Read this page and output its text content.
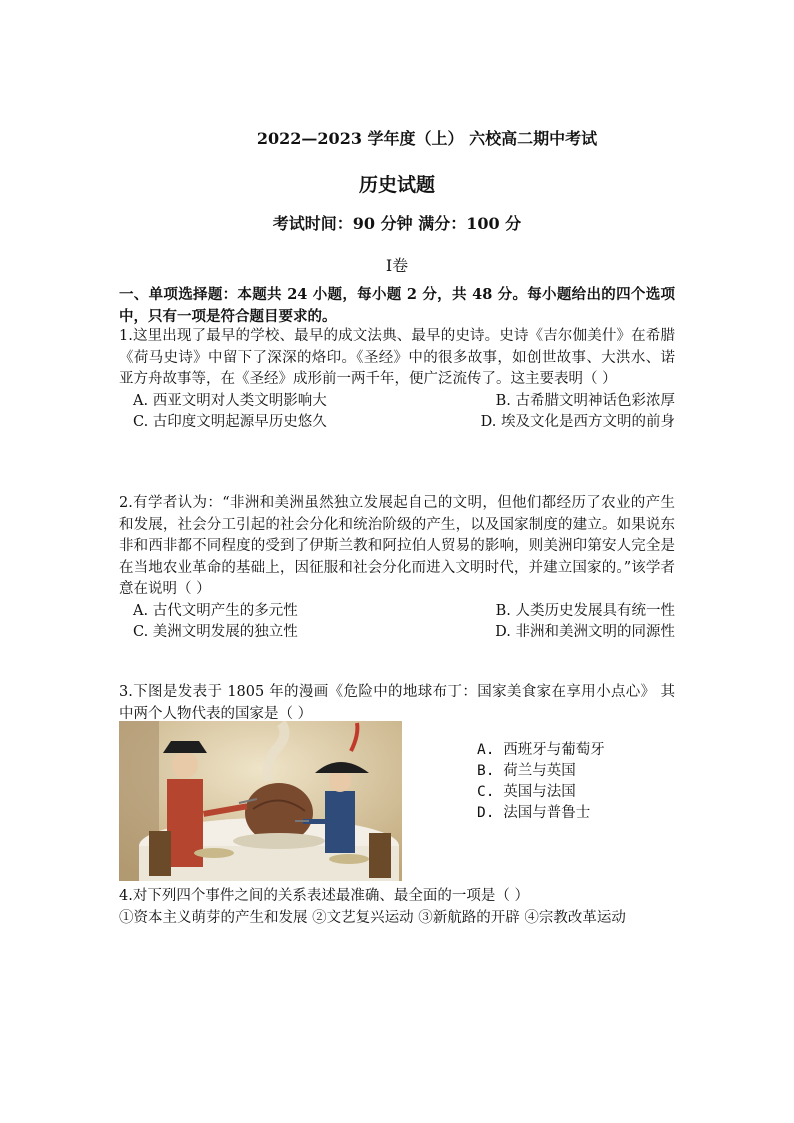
2022—2023 学年度（上） 六校高二期中考试
历史试题
考试时间：90 分钟 满分：100 分
I卷

一、单项选择题：本题共 24 小题，每小题 2 分，共 48 分。每小题给出的四个选项中，只有一项是符合题目要求的。

1.这里出现了最早的学校、最早的成文法典、最早的史诗。史诗《吉尔伽美什》在希腊《荷马史诗》中留下了深深的烙印。《圣经》中的很多故事，如创世故事、大洪水、诺亚方舟故事等，在《圣经》成形前一两千年，便广泛流传了。这主要表明（ ）

A. 西亚文明对人类文明影响大	B. 古希腊文明神话色彩浓厚
C. 古印度文明起源早历史悠久	D. 埃及文化是西方文明的前身

2.有学者认为：“非洲和美洲虽然独立发展起自己的文明，但他们都经历了农业的产生和发展，社会分工引起的社会分化和统治阶级的产生，以及国家制度的建立。如果说东非和西非都不同程度的受到了伊斯兰教和阿拉伯人贸易的影响，则美洲印第安人完全是在当地农业革命的基础上，因征服和社会分化而进入文明时代，并建立国家的。”该学者意在说明（ ）

A. 古代文明产生的多元性	B. 人类历史发展具有统一性
C. 美洲文明发展的独立性	D. 非洲和美洲文明的同源性

3.下图是发表于 1805 年的漫画《危险中的地球布丁：国家美食家在享用小点心》 其中两个人物代表的国家是（ ）

A. 西班牙与葡萄牙
B. 荷兰与英国
C. 英国与法国
D. 法国与普鲁士

4.对下列四个事件之间的关系表述最准确、最全面的一项是（ ）

①资本主义萌芽的产生和发展 ②文艺复兴运动 ③新航路的开辟 ④宗教改革运动
